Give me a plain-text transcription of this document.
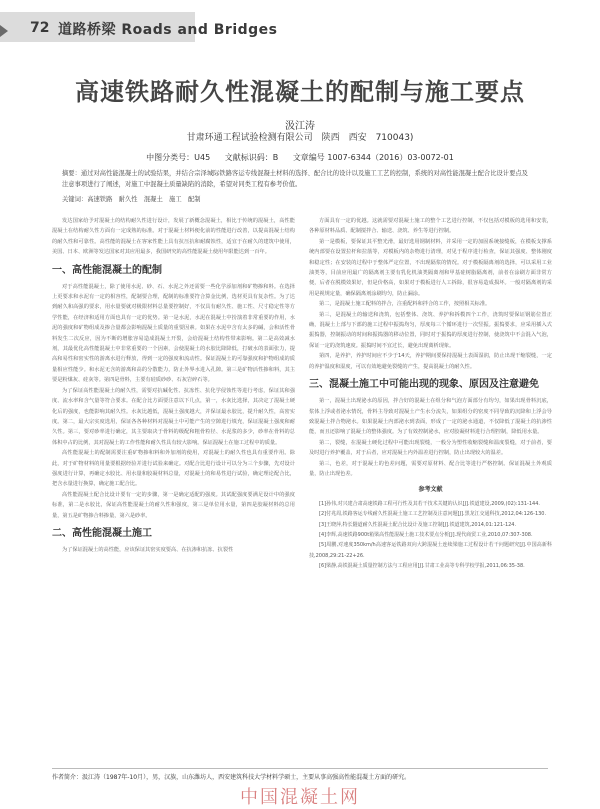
72 道路桥梁 Roads and Bridges
高速铁路耐久性混凝土的配制与施工要点
汲江涛
甘肃环通工程试验检测有限公司　陕西　西安　710043)
中图分类号：U45 文献标识码：B 文章编号 1007-6344（2016）03-0072-01
摘要：通过对高性能混凝土的试验结果，并结合宗泽城际铁路客运专线混凝土材料的选择、配合比的设计以及施工工艺的控制，系统的对高性能混凝土配合比设计要点及注意事项进行了阐述，对施工中混凝土质量缺陷的消除，希望对同类工程有参考价值。
关键词：高速铁路　耐久性　混凝土　施工　配制

发达国家给予对混凝土的结构耐久性进行设计，发展了新概念混凝土，相比于传统的混凝土，高性能混凝土在结构耐久性方面有一定成熟的标准。对于混凝土材料便化前的性能进行改善，以提高混凝土结构的耐久性和可靠性。高性能的混凝土在客家性能上具有抗压抗和耐腐蚀性，适宜于在耐久的建筑中使用，美国、日本、欧洲等发达国家对其应用最多，我国研究的高性能混凝土使用年限能达到一百年。

一、高性能混凝土的配制

对于高性能混凝土，除了使用水泥、砂、石、水泥之外还需要一些化学添加剂和矿物掺和料。在选择上更要求和水泥有一定的相容性，配制要合理，配制的标准要符合算金比例，选材更具有复杂性。为了达到耐久和高强的要求，用水量要就对极限材料总量要控制好，不仅具有耐久性、施工性、尺寸稳定性等方学性能，在经济和适用方面也具有一定的优势。第一是水泥，水泥在混凝土中扮演着非常重要的作用，水泥的强度和矿物组成及掺合量都会影响混凝土质量的重要因素。如果在水泥中含有太多的碱，会和活性骨料发生二次反应，因为不断的增胀容易造成混凝土开裂，会给混凝土结构性带来影响。第二是高效减水剂，其最优化高性能混凝土中非常重要的一个因素，会使混凝土的水胶比降降低，打破水的表面张力，提高和易性和密实性的游离水进行释放，得到一定的强度和流动性。保证混凝土的可靠强度和护物组成的质量相应性能少。和水泥无含的游离和高的分散能力，防止外界水进入孔隙。第三是矿物活性掺和料，其主要是粉煤灰、硅灰等。第四是骨料，主要有硅质砂砂、石灰岩碎石等。

为了保证高性能混凝土的耐久性，需要对抗碱化性、抗冻性、抗化学侵蚀性等进行考虑，保证其和强度、流水率和含气量等符合要求。在配合比方面要注意以下几点，第一，水灰比选择，其决定了混凝土硬化后的强度，也能影响其耐久性。水灰比越低，混凝土强度越大，并保证最水胶比，提升耐久性，高密实度。第二，最大宗实度选用，保证各各种材料对混凝土中可能产生的空隙进行填充，保证混凝土强度和耐久性。第三，要对砂率进行确定，其主要取决于骨料的级配和粗骨粒径、水泥浆的多少，砂率在骨料的总体积中占的比例，其对混凝土的工作性能和耐久性具有较大影响。保证混凝土在施工过程中的质量。

高性能混凝土的配制需要注重矿物掺和料和外加剂的使用，对混凝土的耐久性也具有重要作用。除此，对于矿物材料的用量要根据经验并进行试验来确定。对配合比进行设计可以分为三个步骤，先对设计强度进行计算，再确定水胶比、用水量和胶凝材料总量，对混凝土的和易性进行试验，确定理论配合比，把含水量进行换算，确定施工配合比。

高性能混凝土配合比设计要有一定的步骤，第一是确定适配的强度。其试配强度要满足设计中的强度标准，第二是水胶比，保证高性能混凝土的耐久性和强度，第三是单位用水量，第四是胶凝材料的总用量，第五是矿物掺合料掺量，第六是砂率。

二、高性能混凝土施工

为了保证混凝土的高性能，应该保证其密实度要高、在抗渗和抗冻、抗裂性

方面具有一定的优越。这就需要对混凝土施工的整个工艺进行控制，不仅包括对模板的选用和安装，各种原材料品质、配制搅拌合、输送、浇筑、养生等进行控制。

第一是模板，要保证其平整光滑，最好选用钢制材料，并采用一定的加固系统接缝板，在模板支撑系统内部要在设置拉杆和拉筋等，对模板内的杂物进行清理，对见于程序进行检查，保证其强度、整体刚度和稳定性；在安装的过程中于整体严定位置，不出现隔浆的情况。对于模板隔离剂的选择，可以采用工业油类等，目前应用最广的隔离剂主要有乳化机油类隔离剂和甲基硅树脂隔离剂，前者在涂刷方面非常方便，后者在脱模效果好，但是价格高，如果对于模板进行人工拆除，很容易造成损坏。一般对隔离剂的采用是视规定量，确保隔离剂涂刷均匀，防止漏涂。

第二，是混凝土施工配料的拌合，注重配料和拌合的工作，按照相关标准。

第三，是混凝土的输送和浇筑，包括整体、浇筑、养护和拆模四个工作，浇筑时要保证钢筋位置正确，混凝土上部与下部的施工过程中振捣均匀，厚度每三个循环进行一次竖振。振捣要求，应采用插入式振捣器，控制振动的时间和振捣器的移动位置，同时对于振捣的厚度进行控制，使浇筑中不会混入气泡，保证一定的浇筑速度。振捣时间不宜过长，避免出现离析现象。

第四，是养护，养护时间应不少于14天，养护期间要保持混凝土表面湿润，防止出现干缩裂缝，一定的养护温度和湿度，可以有效地避免裂缝的产生，提高混凝土的耐久性。

三、混凝土施工中可能出现的现象、原因及注意避免

第一，混凝土出现泌水的原因，拌合好的混凝土在组分和气泡方面部分有均匀，如果出现骨料沉底，浆体上浮或者泌水情况，骨料主导致对混凝土产生水分流失，如果组分的密度不同导致的沉降和上浮会导致混凝土拌合物泌水。如果混凝土内部泌水到表面，形成了一定的泌水通道，不仅降低了混凝土的抗渗性能，而且还影响了混凝土的整体强度。为了有效控制泌水，应对胶凝材料进行合理控制，降低用水量。

第二，裂缝，在混凝土硬化过程中可能出现裂缝，一般分为塑性收缩裂缝和温度裂缝，对于前者，要及时进行养护覆盖，对于后者，应对混凝土内外温差进行控制，防止出现较大的温差。

第三，色差，对于混凝土的色差问题，需要对原材料、配合比等进行严格控制。保证混凝土外观质量，防止出现色差。

参考文献

[1]孙伟,对兴建合肃高速铁路工程可行性及其若干技术关键的认识[J].铁道建设,2009,(02):131-144.

[2]付兆周,铁路客运专线耐久性混凝土施工工艺控制及注意问题[J].黑龙江交通科技,2012,04:126-130.

[3]王晓萍,特长隧道耐久性混凝土配合比设计及施工控制[J].铁道建筑,2014,01:121-124.

[4]李辉,高速铁路900t箱梁高性能混凝土施工技术要点分析[J].现代商贸工业,2010,07:307-308.

[5]周鹏,对速度350km/h高速客运铁路双向大跨混凝土连续梁施工过程设计若干问题研究[J].中国高新科技,2008,29:21-22+26.

[6]梁静,高铁混凝土质量控制方法与工程应用[J].甘肃工业高等专科学校学报,2011,06:35-38.

作者简介：汲江涛（1987年-10月），男，汉族，山东潍坊人，西安建筑科技大学材料学硕士，主要从事高强高性能混凝土方面的研究。
中国混凝土网
